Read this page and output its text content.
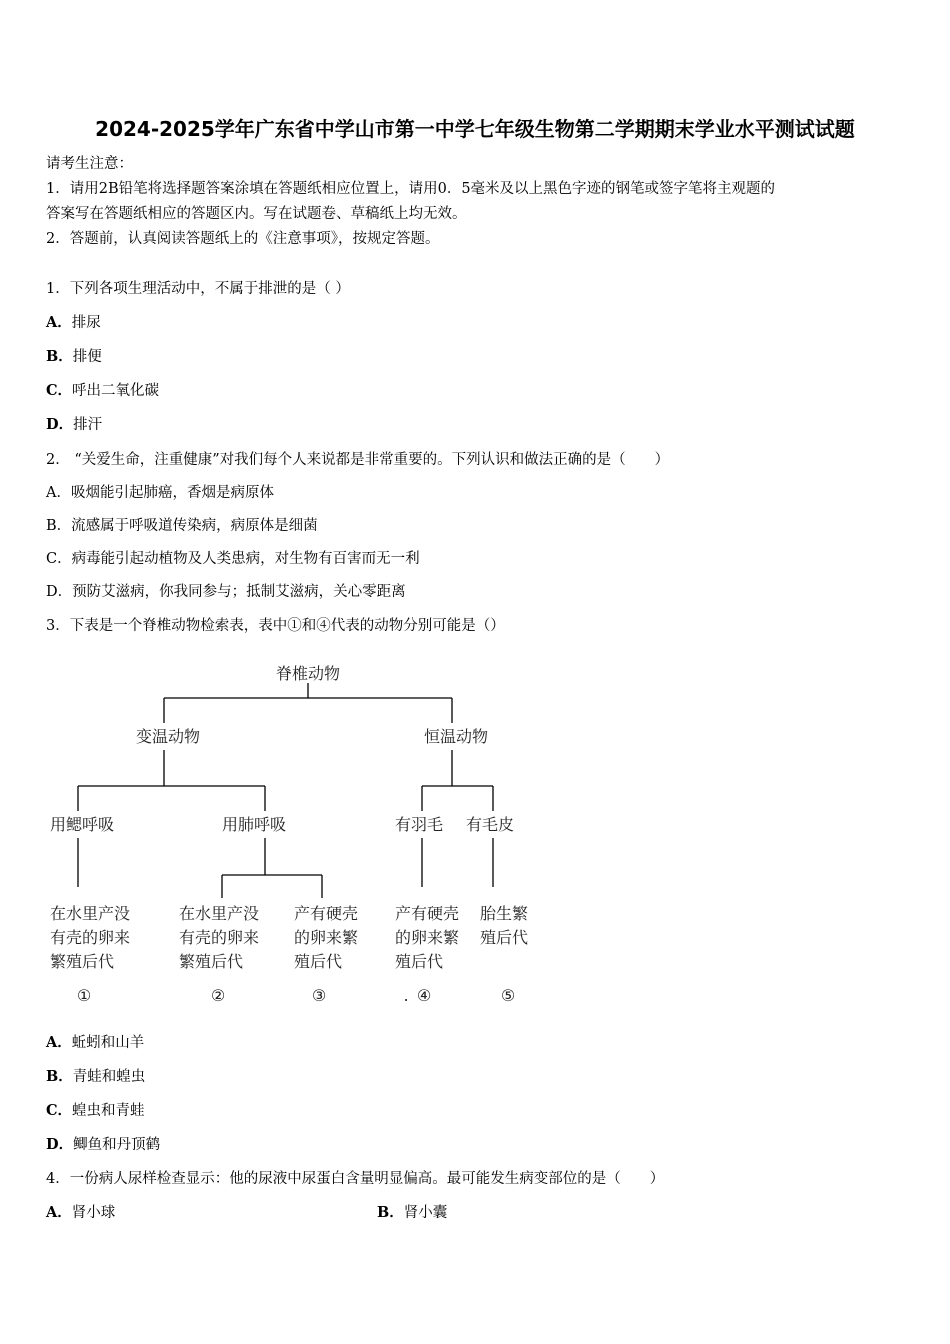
2024-2025学年广东省中学山市第一中学七年级生物第二学期期末学业水平测试试题
请考生注意：
1．请用2B铅笔将选择题答案涂填在答题纸相应位置上，请用0．5毫米及以上黑色字迹的钢笔或签字笔将主观题的
答案写在答题纸相应的答题区内。写在试题卷、草稿纸上均无效。
2．答题前，认真阅读答题纸上的《注意事项》，按规定答题。
1．下列各项生理活动中，不属于排泄的是（ ）
A．排尿
B．排便
C．呼出二氧化碳
D．排汗
2． “关爱生命，注重健康”对我们每个人来说都是非常重要的。下列认识和做法正确的是（　　）
A．吸烟能引起肺癌，香烟是病原体
B．流感属于呼吸道传染病，病原体是细菌
C．病毒能引起动植物及人类患病，对生物有百害而无一利
D．预防艾滋病，你我同参与；抵制艾滋病，关心零距离
3．下表是一个脊椎动物检索表，表中①和④代表的动物分别可能是（）
脊椎动物
变温动物	恒温动物
用鳃呼吸	用肺呼吸	有羽毛 有毛皮
在水里产没
有壳的卵来
繁殖后代
在水里产没
有壳的卵来
繁殖后代
产有硬壳
的卵来繁
殖后代
产有硬壳
的卵来繁
殖后代
胎生繁
殖后代
①	②	③	. ④	⑤
A．蚯蚓和山羊
B．青蛙和蝗虫
C．蝗虫和青蛙
D．鲫鱼和丹顶鹤
4．一份病人尿样检查显示：他的尿液中尿蛋白含量明显偏高。最可能发生病变部位的是（　　）
A．肾小球	B．肾小囊
